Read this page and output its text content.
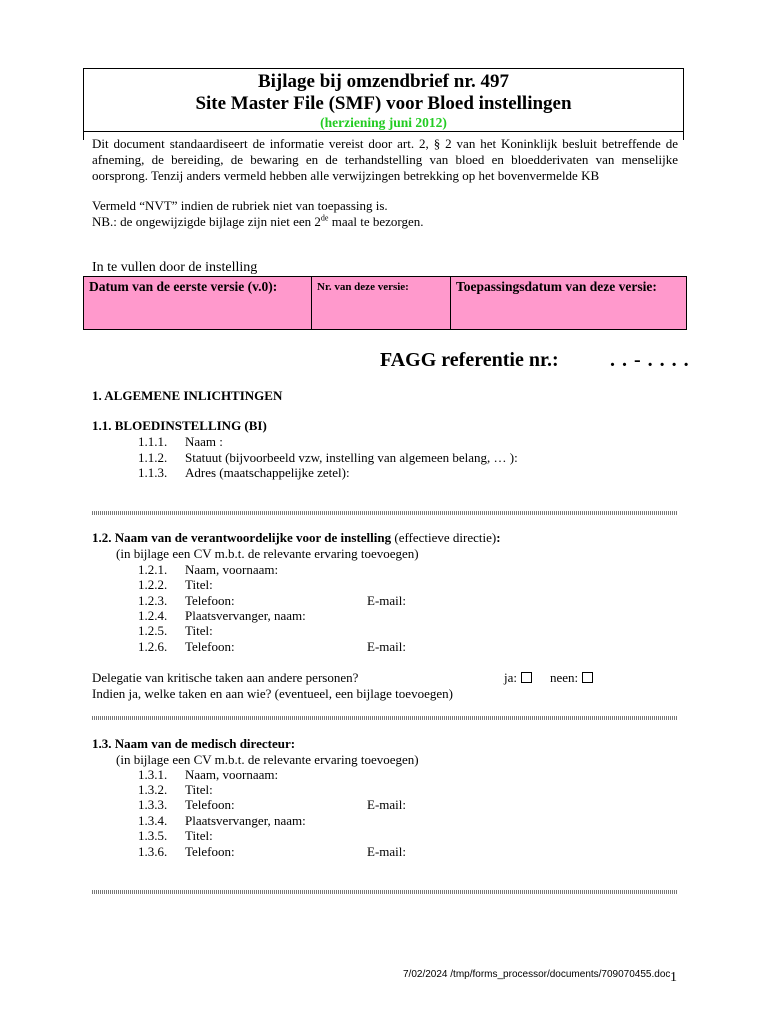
Bijlage bij omzendbrief nr. 497
Site Master File (SMF) voor Bloed instellingen
(herziening juni 2012)

Dit document standaardiseert de informatie vereist door art. 2, § 2 van het Koninklijk besluit betreffende de afneming, de bereiding, de bewaring en de terhandstelling van bloed en bloedderivaten van menselijke oorsprong. Tenzij anders vermeld hebben alle verwijzingen betrekking op het bovenvermelde KB

Vermeld “NVT” indien de rubriek niet van toepassing is.

NB.: de ongewijzigde bijlage zijn niet een 2de maal te bezorgen.

In te vullen door de instelling
Datum van de eerste versie (v.0):	Nr. van deze versie:	Toepassingsdatum van deze versie:
FAGG referentie nr.:	. . - . . . .
1. ALGEMENE INLICHTINGEN
1.1. BLOEDINSTELLING (BI)
1.1.1. Naam :
1.1.2. Statuut (bijvoorbeeld vzw, instelling van algemeen belang, … ):
1.1.3. Adres (maatschappelijke zetel):
1.2. Naam van de verantwoordelijke voor de instelling (effectieve directie):
(in bijlage een CV m.b.t. de relevante ervaring toevoegen)
1.2.1. Naam, voornaam:
1.2.2. Titel:
1.2.3. Telefoon:	E-mail:
1.2.4. Plaatsvervanger, naam:
1.2.5. Titel:
1.2.6. Telefoon:	E-mail:
Delegatie van kritische taken aan andere personen?	ja:	neen:
Indien ja, welke taken en aan wie? (eventueel, een bijlage toevoegen)
1.3. Naam van de medisch directeur:
(in bijlage een CV m.b.t. de relevante ervaring toevoegen)
1.3.1. Naam, voornaam:
1.3.2. Titel:
1.3.3. Telefoon:	E-mail:
1.3.4. Plaatsvervanger, naam:
1.3.5. Titel:
1.3.6. Telefoon:	E-mail:
7/02/2024 /tmp/forms_processor/documents/709070455.doc 1
